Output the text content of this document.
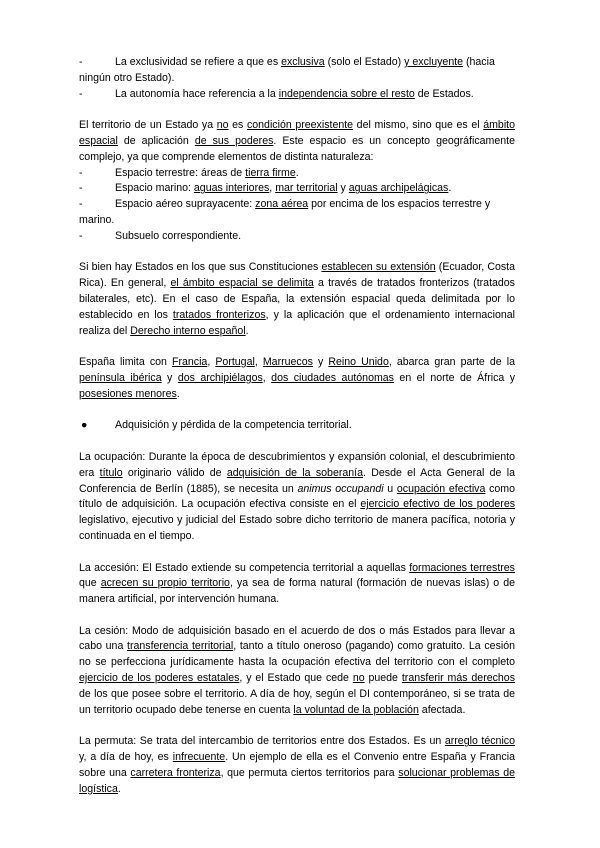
-	La exclusividad se refiere a que es exclusiva (solo el Estado) y excluyente (hacia ningún otro Estado).
-	La autonomía hace referencia a la independencia sobre el resto de Estados.

El territorio de un Estado ya no es condición preexistente del mismo, sino que es el ámbito espacial de aplicación de sus poderes. Este espacio es un concepto geográficamente complejo, ya que comprende elementos de distinta naturaleza:

-	Espacio terrestre: áreas de tierra firme.
-	Espacio marino: aguas interiores, mar territorial y aguas archipelágicas.
-	Espacio aéreo suprayacente: zona aérea por encima de los espacios terrestre y marino.
-	Subsuelo correspondiente.

Si bien hay Estados en los que sus Constituciones establecen su extensión (Ecuador, Costa Rica). En general, el ámbito espacial se delimita a través de tratados fronterizos (tratados bilaterales, etc). En el caso de España, la extensión espacial queda delimitada por lo establecido en los tratados fronterizos, y la aplicación que el ordenamiento internacional realiza del Derecho interno español.

España limita con Francia, Portugal, Marruecos y Reino Unido, abarca gran parte de la península ibérica y dos archipiélagos, dos ciudades autónomas en el norte de África y posesiones menores.

●	Adquisición y pérdida de la competencia territorial.

La ocupación: Durante la época de descubrimientos y expansión colonial, el descubrimiento era título originario válido de adquisición de la soberanía. Desde el Acta General de la Conferencia de Berlín (1885), se necesita un animus occupandi u ocupación efectiva como título de adquisición. La ocupación efectiva consiste en el ejercicio efectivo de los poderes legislativo, ejecutivo y judicial del Estado sobre dicho territorio de manera pacífica, notoria y continuada en el tiempo.

La accesión: El Estado extiende su competencia territorial a aquellas formaciones terrestres que acrecen su propio territorio, ya sea de forma natural (formación de nuevas islas) o de manera artificial, por intervención humana.

La cesión: Modo de adquisición basado en el acuerdo de dos o más Estados para llevar a cabo una transferencia territorial, tanto a título oneroso (pagando) como gratuito. La cesión no se perfecciona jurídicamente hasta la ocupación efectiva del territorio con el completo ejercicio de los poderes estatales, y el Estado que cede no puede transferir más derechos de los que posee sobre el territorio. A día de hoy, según el DI contemporáneo, si se trata de un territorio ocupado debe tenerse en cuenta la voluntad de la población afectada.

La permuta: Se trata del intercambio de territorios entre dos Estados. Es un arreglo técnico y, a día de hoy, es infrecuente. Un ejemplo de ella es el Convenio entre España y Francia sobre una carretera fronteriza, que permuta ciertos territorios para solucionar problemas de logística.
